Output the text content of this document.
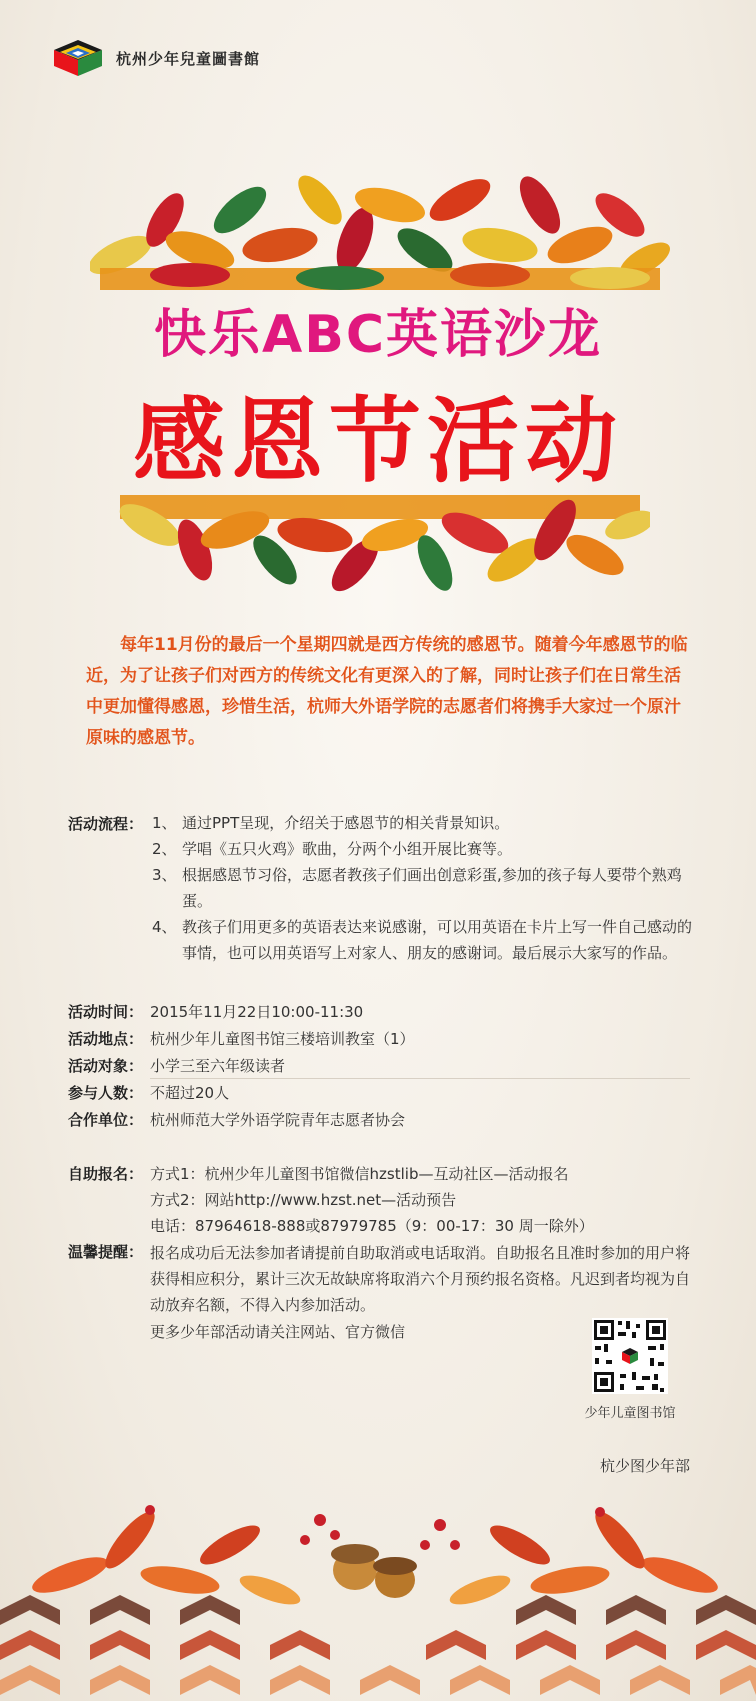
杭州少年兒童圖書館
快乐ABC英语沙龙
感恩节活动
每年11月份的最后一个星期四就是西方传统的感恩节。随着今年感恩节的临近，为了让孩子们对西方的传统文化有更深入的了解，同时让孩子们在日常生活中更加懂得感恩，珍惜生活，杭师大外语学院的志愿者们将携手大家过一个原汁原味的感恩节。
活动流程： 1、 通过PPT呈现，介绍关于感恩节的相关背景知识。
2、 学唱《五只火鸡》歌曲，分两个小组开展比赛等。
3、 根据感恩节习俗，志愿者教孩子们画出创意彩蛋,参加的孩子每人要带个熟鸡蛋。
4、 教孩子们用更多的英语表达来说感谢，可以用英语在卡片上写一件自己感动的事情，也可以用英语写上对家人、朋友的感谢词。最后展示大家写的作品。
活动时间： 2015年11月22日10:00-11:30
活动地点： 杭州少年儿童图书馆三楼培训教室（1）
活动对象： 小学三至六年级读者
参与人数： 不超过20人
合作单位： 杭州师范大学外语学院青年志愿者协会
自助报名： 方式1：杭州少年儿童图书馆微信hzstlib—互动社区—活动报名
方式2：网站http://www.hzst.net—活动预告
电话：87964618-888或87979785（9：00-17：30 周一除外）
温馨提醒： 报名成功后无法参加者请提前自助取消或电话取消。自助报名且准时参加的用户将获得相应积分，累计三次无故缺席将取消六个月预约报名资格。凡迟到者均视为自动放弃名额，不得入内参加活动。
更多少年部活动请关注网站、官方微信
少年儿童图书馆
杭少图少年部
